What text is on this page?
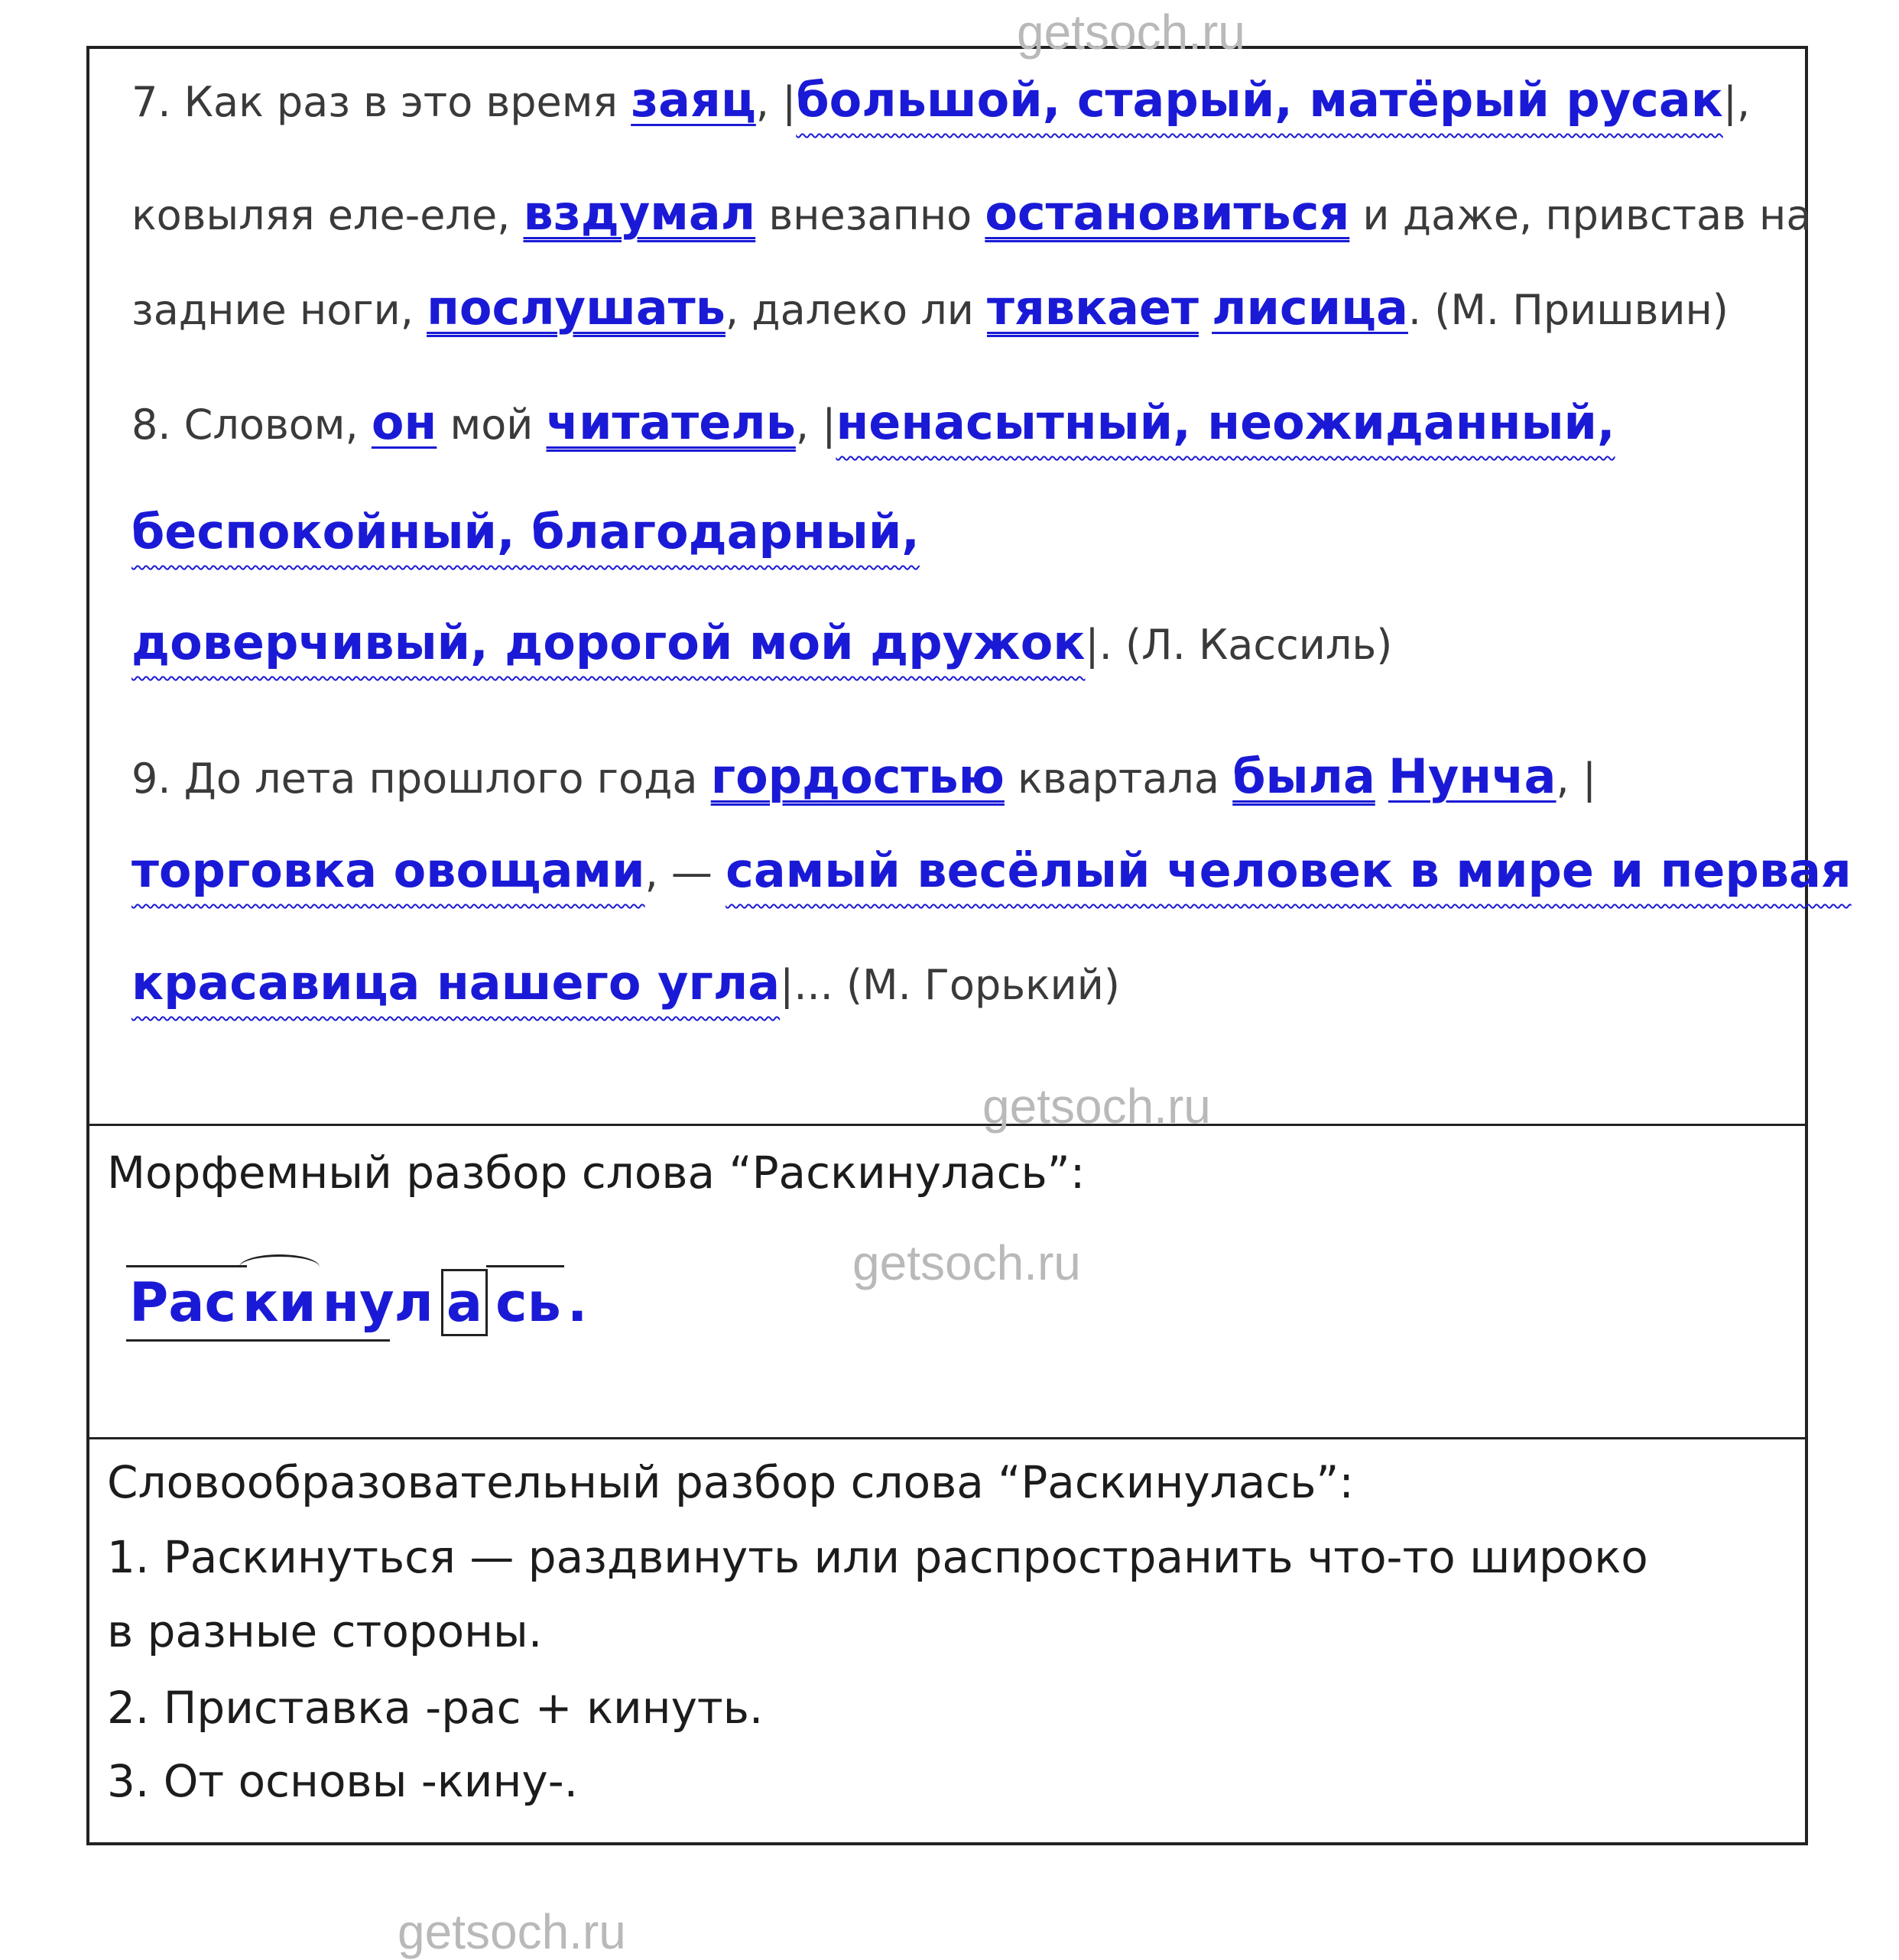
7. Как раз в это время заяц, |большой, старый, матёрый русак|,
ковыляя еле-еле, вздумал внезапно остановиться и даже, привстав на
задние ноги, послушать, далеко ли тявкает лисица. (М. Пришвин)
8. Словом, он мой читатель, |ненасытный, неожиданный,
беспокойный, благодарный,
доверчивый, дорогой мой дружок|. (Л. Кассиль)
9. До лета прошлого года гордостью квартала была Нунча, |
торговка овощами, — самый весёлый человек в мире и первая
красавица нашего угла|... (М. Горький)
Морфемный разбор слова “Раскинулась”:
Рас ки нул а сь .
Словообразовательный разбор слова “Раскинулась”:
1. Раскинуться — раздвинуть или распространить что-то широко
в разные стороны.
2. Приставка -рас + кинуть.
3. От основы -кину-.
getsoch.ru
getsoch.ru
getsoch.ru
getsoch.ru
